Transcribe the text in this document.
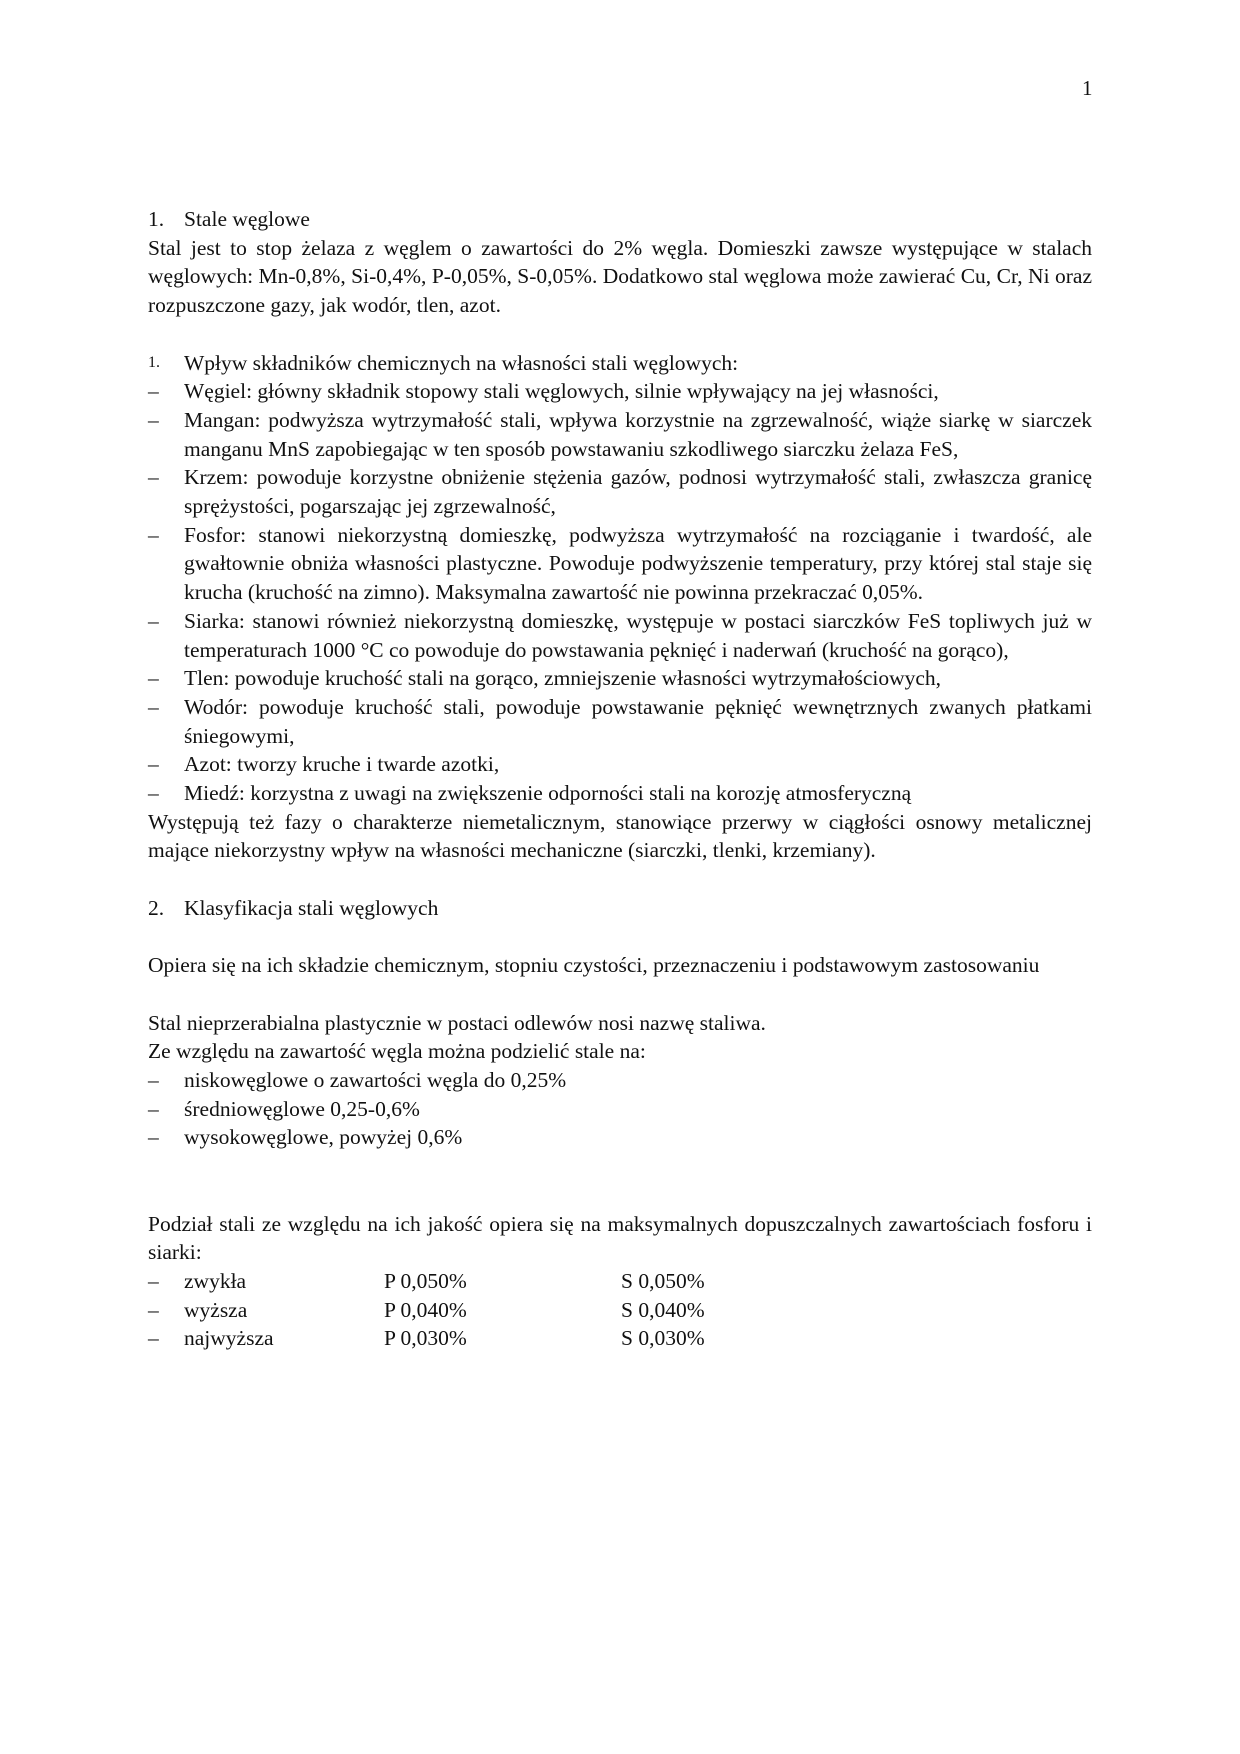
1
1. Stale węglowe
Stal jest to stop żelaza z węglem o zawartości do 2% węgla. Domieszki zawsze występujące w stalach węglowych: Mn-0,8%, Si-0,4%, P-0,05%, S-0,05%. Dodatkowo stal węglowa może zawierać Cu, Cr, Ni oraz rozpuszczone gazy, jak wodór, tlen, azot.
1.	Wpływ składników chemicznych na własności stali węglowych:
–	Węgiel: główny składnik stopowy stali węglowych, silnie wpływający na jej własności,
–	Mangan: podwyższa wytrzymałość stali, wpływa korzystnie na zgrzewalność, wiąże siarkę w siarczek manganu MnS zapobiegając w ten sposób powstawaniu szkodliwego siarczku żelaza FeS,
–	Krzem: powoduje korzystne obniżenie stężenia gazów, podnosi wytrzymałość stali, zwłaszcza granicę sprężystości, pogarszając jej zgrzewalność,
–	Fosfor: stanowi niekorzystną domieszkę, podwyższa wytrzymałość na rozciąganie i twardość, ale gwałtownie obniża własności plastyczne. Powoduje podwyższenie temperatury, przy której stal staje się krucha (kruchość na zimno). Maksymalna zawartość nie powinna przekraczać 0,05%.
–	Siarka: stanowi również niekorzystną domieszkę, występuje w postaci siarczków FeS topliwych już w temperaturach 1000 °C co powoduje do powstawania pęknięć i naderwań (kruchość na gorąco),
–	Tlen: powoduje kruchość stali na gorąco, zmniejszenie własności wytrzymałościowych,
–	Wodór: powoduje kruchość stali, powoduje powstawanie pęknięć wewnętrznych zwanych płatkami śniegowymi,
–	Azot: tworzy kruche i twarde azotki,
–	Miedź: korzystna z uwagi na zwiększenie odporności stali na korozję atmosferyczną
Występują też fazy o charakterze niemetalicznym, stanowiące przerwy w ciągłości osnowy metalicznej mające niekorzystny wpływ na własności mechaniczne (siarczki, tlenki, krzemiany).
2. Klasyfikacja stali węglowych
Opiera się na ich składzie chemicznym, stopniu czystości, przeznaczeniu i podstawowym zastosowaniu
Stal nieprzerabialna plastycznie w postaci odlewów nosi nazwę staliwa.
Ze względu na zawartość węgla można podzielić stale na:
–	niskowęglowe o zawartości węgla do 0,25%
–	średniowęglowe 0,25-0,6%
–	wysokowęglowe, powyżej 0,6%
Podział stali ze względu na ich jakość opiera się na maksymalnych dopuszczalnych zawartościach fosforu i siarki:
–	zwykła	P 0,050%	S 0,050%
–	wyższa	P 0,040%	S 0,040%
–	najwyższa	P 0,030%	S 0,030%
